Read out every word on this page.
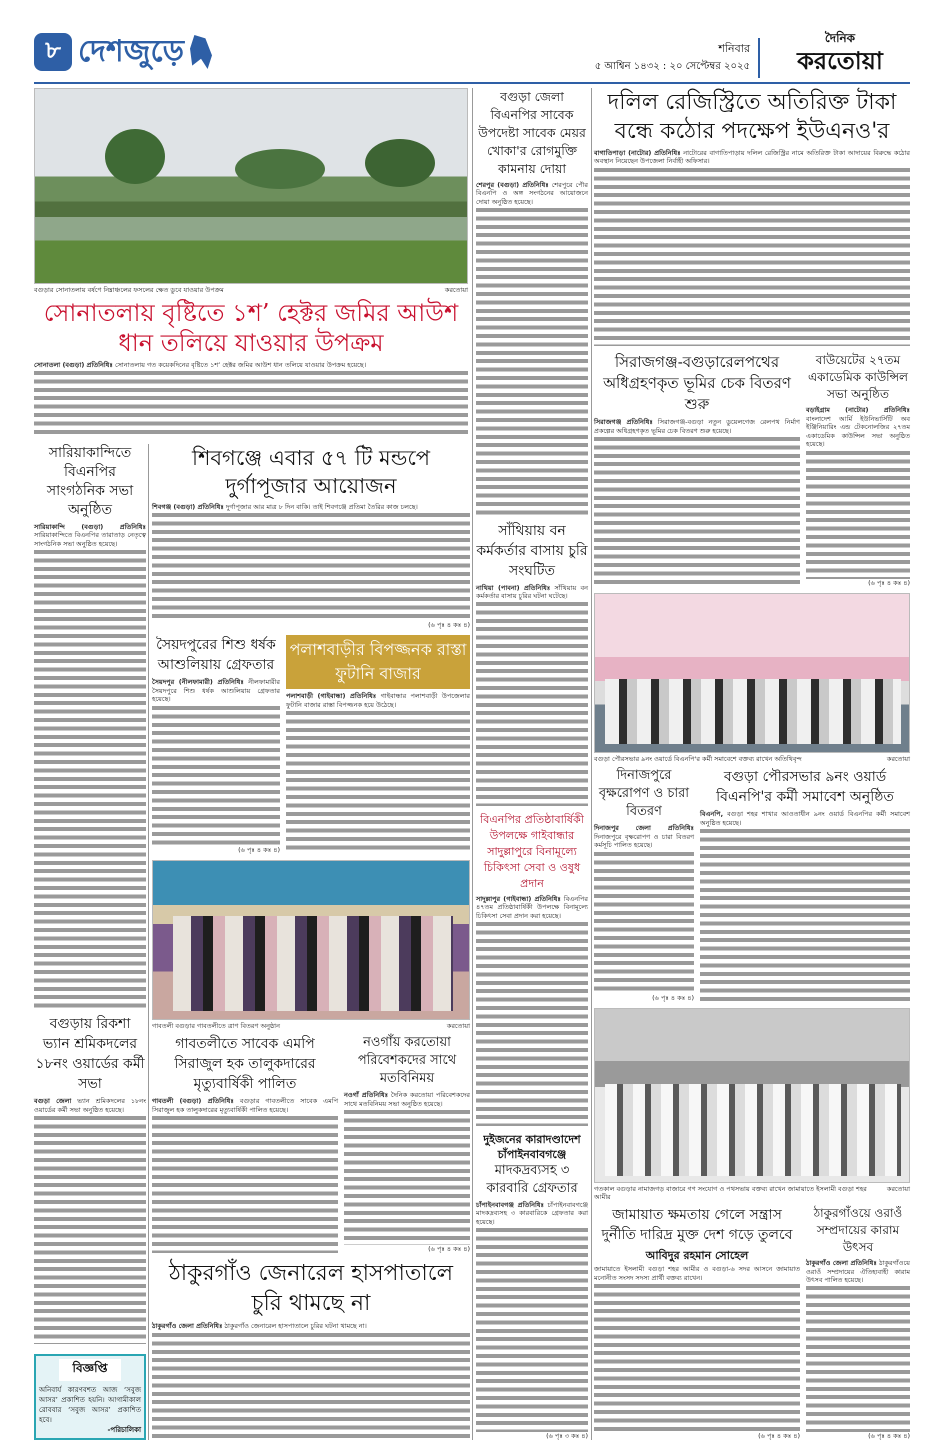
৮ দেশজুড়ে	শনিবার
৫ আশ্বিন ১৪৩২ : ২০ সেপ্টেম্বর ২০২৫
দৈনিক
করতোয়া
বগুড়ার সোনাতলায় বর্ষণে নিম্নাঞ্চলের ফসলের ক্ষেত ডুবে যাওয়ার উপক্রম	করতোয়া
সোনাতলায় বৃষ্টিতে ১শ’ হেক্টর জমির আউশ ধান তলিয়ে যাওয়ার উপক্রম
সোনাতলা (বগুড়া) প্রতিনিধিঃ সোনাতলায় গত কয়েকদিনের বৃষ্টিতে ১শ’ হেক্টর জমির আউশ ধান তলিয়ে যাওয়ার উপক্রম হয়েছে।
সারিয়াকান্দিতে বিএনপির সাংগঠনিক সভা অনুষ্ঠিত
সারিয়াকান্দি (বগুড়া) প্রতিনিধিঃ সারিয়াকান্দিতে বিএনপির তারাতাড় নেতৃত্বে সাংগঠনিক সভা অনুষ্ঠিত হয়েছে।
বগুড়ায় রিকশা ভ্যান শ্রমিকদলের ১৮নং ওয়ার্ডের কর্মী সভা
বগুড়া জেলা ভ্যান শ্রমিকদলের ১৮নং ওয়ার্ডের কর্মী সভা অনুষ্ঠিত হয়েছে।
বিজ্ঞপ্তি
অনিবার্য কারণবশত আজ ‘সবুজ আসর’ প্রকাশিত হয়নি। আগামীকাল রোববার ‘সবুজ আসর’ প্রকাশিত হবে।
-পরিচালিকা
শিবগঞ্জে এবার ৫৭ টি মন্ডপে দুর্গাপূজার আয়োজন
শিবগঞ্জ (বগুড়া) প্রতিনিধিঃ দুর্গাপূজার আর মাত্র ৮ দিন বাকি। তাই শিবগঞ্জে প্রতিমা তৈরির কাজ চলছে।
(৬ পৃঃ ৪ কঃ ৪)
সৈয়দপুরের শিশু ধর্ষক আশুলিয়ায় গ্রেফতার
সৈয়দপুর (নীলফামারী) প্রতিনিধিঃ নীলফামারীর সৈয়দপুরে শিশু ধর্ষক আশুলিয়ায় গ্রেফতার হয়েছে।
(৬ পৃঃ ৪ কঃ ৪)
পলাশবাড়ীর বিপজ্জনক রাস্তা ফুটানি বাজার
পলাশবাড়ী (গাইবান্ধা) প্রতিনিধিঃ গাইবান্ধার পলাশবাড়ী উপজেলার ফুটানি বাজার রাস্তা বিপজ্জনক হয়ে উঠেছে।
গাবতলী বগুড়ার গাবতলীতে ত্রাণ বিতরণ অনুষ্ঠান	করতোয়া
গাবতলীতে সাবেক এমপি সিরাজুল হক তালুকদারের মৃত্যুবার্ষিকী পালিত
গাবতলী (বগুড়া) প্রতিনিধিঃ বগুড়ার গাবতলীতে সাবেক এমপি সিরাজুল হক তালুকদারের মৃত্যুবার্ষিকী পালিত হয়েছে।
নওগাঁয় করতোয়া পরিবেশকদের সাথে মতবিনিময়
নওগাঁ প্রতিনিধিঃ দৈনিক করতোয়া পরিবেশকদের সাথে মতবিনিময় সভা অনুষ্ঠিত হয়েছে।
(৬ পৃঃ ৪ কঃ ৪)
ঠাকুরগাঁও জেনারেল হাসপাতালে চুরি থামছে না
ঠাকুরগাঁও জেলা প্রতিনিধিঃ ঠাকুরগাঁও জেনারেল হাসপাতালে চুরির ঘটনা থামছে না।
বগুড়া জেলা বিএনপির সাবেক উপদেষ্টা সাবেক মেয়র খোকা'র রোগমুক্তি কামনায় দোয়া
শেরপুর (বগুড়া) প্রতিনিধিঃ শেরপুরে পৌর বিএনপি ও অঙ্গ সংগঠনের আয়োজনে দোয়া অনুষ্ঠিত হয়েছে।
সাঁথিয়ায় বন কর্মকর্তার বাসায় চুরি সংঘটিত
নাথিয়া (পাবনা) প্রতিনিধিঃ সাঁথিয়ায় বন কর্মকর্তার বাসায় চুরির ঘটনা ঘটেছে।
বিএনপির প্রতিষ্ঠাবার্ষিকী উপলক্ষে গাইবান্ধার সাদুল্লাপুরে বিনামূল্যে চিকিৎসা সেবা ও ওষুধ প্রদান
সাদুল্লাপুর (গাইবান্ধা) প্রতিনিধিঃ বিএনপির ৪৭তম প্রতিষ্ঠাবার্ষিকী উপলক্ষে বিনামূল্যে চিকিৎসা সেবা প্রদান করা হয়েছে।
দুইজনের কারাদণ্ডাদেশ
চাঁপাইনবাবগঞ্জে
মাদকদ্রব্যসহ ৩ কারবারি গ্রেফতার
চাঁপাইনবাবগঞ্জ প্রতিনিধিঃ চাঁপাইনবাবগঞ্জে মাদকদ্রব্যসহ ৩ কারবারিকে গ্রেফতার করা হয়েছে।
(৬ পৃঃ ৩ কঃ ৪)
দলিল রেজিস্ট্রিতে অতিরিক্ত টাকা বন্ধে কঠোর পদক্ষেপ ইউএনও'র
বাগাতিপাড়া (নাটোর) প্রতিনিধিঃ নাটোরের বাগাতিপাড়ায় দলিল রেজিস্ট্রির নামে অতিরিক্ত টাকা আদায়ের বিরুদ্ধে কঠোর অবস্থান নিয়েছেন উপজেলা নির্বাহী অফিসার।
সিরাজগঞ্জ-বগুড়ারেলপথের অধিগ্রহণকৃত ভূমির চেক বিতরণ শুরু
সিরাজগঞ্জ প্রতিনিধিঃ সিরাজগঞ্জ-বগুড়া নতুন ডুয়েলগেজ রেলপথ নির্মাণ প্রকল্পের অধিগ্রহণকৃত ভূমির চেক বিতরণ শুরু হয়েছে।
বাউয়েটের ২৭তম একাডেমিক কাউন্সিল সভা অনুষ্ঠিত
বড়াইগ্রাম (নাটোর) প্রতিনিধিঃ বাংলাদেশ আর্মি ইউনিভার্সিটি অব ইঞ্জিনিয়ারিং এন্ড টেকনোলজির ২৭তম একাডেমিক কাউন্সিল সভা অনুষ্ঠিত হয়েছে।
(৬ পৃঃ ৪ কঃ ৪)
বগুড়া পৌরসভার ৯নং ওয়ার্ডে বিএনপি'র কর্মী সমাবেশে বক্তব্য রাখেন অতিথিবৃন্দ	করতোয়া
দিনাজপুরে বৃক্ষরোপণ ও চারা বিতরণ
দিনাজপুর জেলা প্রতিনিধিঃ দিনাজপুরে বৃক্ষরোপণ ও চারা বিতরণ কর্মসূচি পালিত হয়েছে।
(৬ পৃঃ ৪ কঃ ৪)
বগুড়া পৌরসভার ৯নং ওয়ার্ড বিএনপি'র কর্মী সমাবেশ অনুষ্ঠিত
বিএনপি, বগুড়া শহর শাখার আওতাধীন ৯নং ওয়ার্ড বিএনপির কর্মী সমাবেশ অনুষ্ঠিত হয়েছে।
গতকাল বগুড়ার নামাজগড় বাজারে গণ সংযোগ ও পথসভায় বক্তব্য রাখেন জামায়াতে ইসলামী বগুড়া শহর আমীর
করতোয়া
জামায়াত ক্ষমতায় গেলে সন্ত্রাস দুর্নীতি দারিদ্র মুক্ত দেশ গড়ে তুলবে
আবিদুর রহমান সোহেল
জামায়াতে ইসলামী বগুড়া শহর আমীর ও বগুড়া-৬ সদর আসনে জামায়াত মনোনীত সংসদ সদস্য প্রার্থী বক্তব্য রাখেন।
(৬ পৃঃ ৪ কঃ ৪)
ঠাকুরগাঁওয়ে ওরাওঁ সম্প্রদায়ের কারাম উৎসব
ঠাকুরগাঁও জেলা প্রতিনিধিঃ ঠাকুরগাঁওয়ে ওরাওঁ সম্প্রদায়ের ঐতিহ্যবাহী কারাম উৎসব পালিত হয়েছে।
(৬ পৃঃ ৪ কঃ ৪)
